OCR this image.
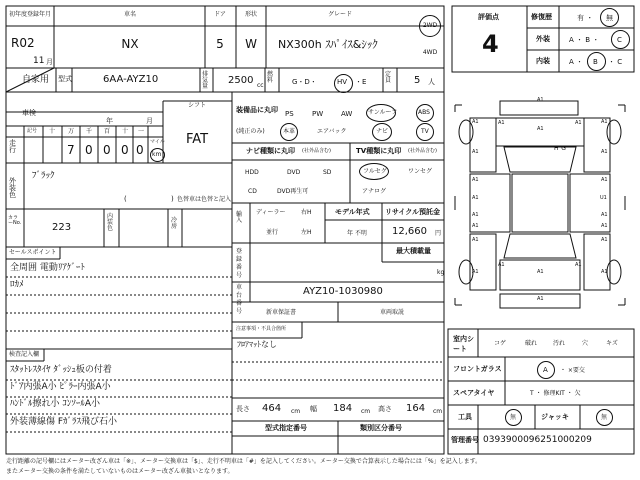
初年度登録年月	車名	ドア	形状	グレード
R02
11 月
NX	5 W NX300h ｽﾊﾟｲｽ&ｼｯｸ
2WD
4WD
自家用 型式	6AA-AYZ10	排気量
2500 cc
燃料	G・D・	HV ・E
定員 5 人
車検
年	月
記号 十 万 千 百 十 一
走行	7 0 0 0 0
マイル
km
シフト
FAT
外装色
ﾌﾞﾗｯｸ
(	) 色替車は色替と記入
カラーNo.	223
内装色
冷房
セールスポイント
全周囲 電動ﾘｱｹﾞｰﾄ
ﾛｶﾒ
検査記入欄
ｽﾀｯﾄﾚｽﾀｲﾔ ﾀﾞｯｼｭ板の付着
ﾄﾞｱ内張A小 ﾋﾟﾗｰ内張A小
ﾊﾝﾄﾞﾙ擦れ小 ｺﾝｿｰﾙA小
外装薄線傷 Fｶﾞﾗｽ飛び石小
装備品に丸印
(純正のみ)
PS	PW	AW	サンルーフ	ABS
本革	エアバック	ナビ	TV
ナビ種類に丸印 (社外品含む)
HDD	DVD	SD
CD	DVD再生可
TV種類に丸印 (社外品含む)
フルセグ	ワンセグ
アナログ
輸入
ディーラー
並行
右H
左H
モデル年式
年 不明
リサイクル預託金
12,660 円
最大積載量
kg
登録番号
車台番号
AYZ10-1030980
新車保証書	車両取説
注意事項・不具合箇所
ﾌﾛｱﾏｯﾄなし
長さ 464 cm 幅 184 cm 高さ 164 cm
型式指定番号	類別区分番号
評価点
4
修復歴	有 ・ 無
外装	A ・ B ・	C
内装	A ・ B ・ C
A1
A1
A1	A1
A1	A1
A1	A1
A1	U1
A1	A1
A1	A1
A1	A1
A1
A1
A1	A1
A1	A1
A1	A1
H"G
室内シート
コゲ	破れ	汚れ	穴	キズ
フロントガラス	A ・ ×要交
スペアタイヤ	T ・ 修理KIT ・ 欠
工具	無	ジャッキ	無
管理番号 0393900096251000209
走行距離の記号欄にはメーター改ざん車は「※」、メーター交換車は「$」、走行不明車は「#」を記入してください。メーター交換で合算表示した場合には「%」を記入します。
またメーター交換の条件を満たしていないものはメーター改ざん車扱いとなります。
